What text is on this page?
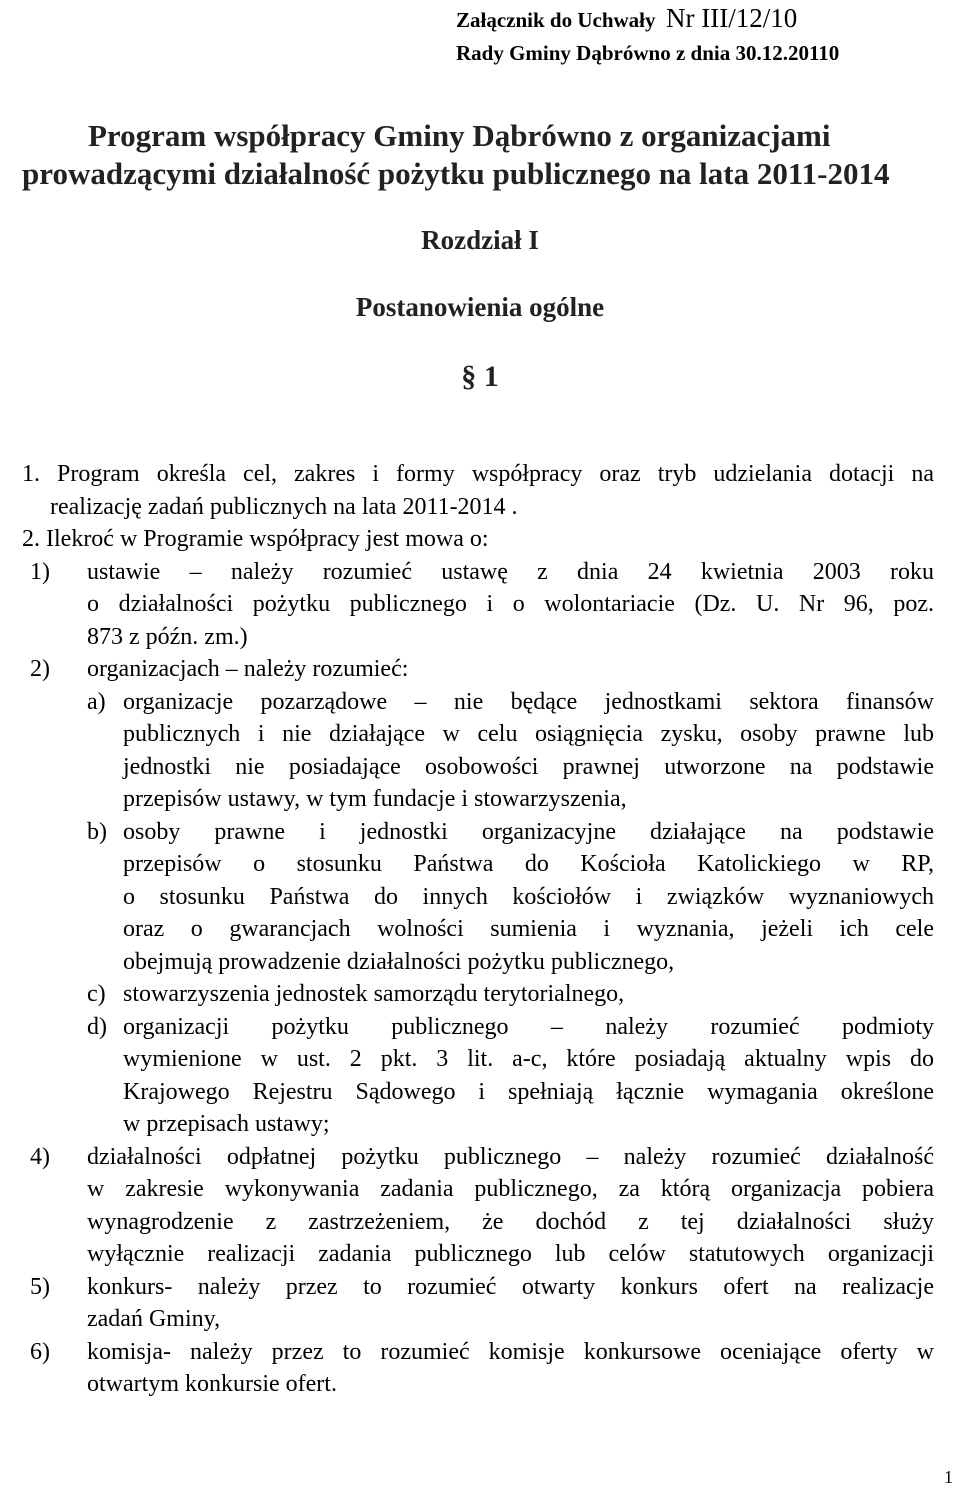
Załącznik do Uchwały Nr III/12/10
Rady Gminy Dąbrówno z dnia 30.12.20110
Program współpracy Gminy Dąbrówno z organizacjami
prowadzącymi działalność pożytku publicznego na lata 2011-2014
Rozdział I
Postanowienia ogólne
§ 1
1. Program określa cel, zakres i formy współpracy oraz tryb udzielania dotacji na
realizację zadań publicznych na lata 2011-2014 .
2. Ilekroć w Programie współpracy jest mowa o:
1) ustawie – należy rozumieć ustawę z dnia 24 kwietnia 2003 roku
o działalności pożytku publicznego i o wolontariacie (Dz. U. Nr 96, poz.
873 z późn. zm.)
2) organizacjach – należy rozumieć:
a) organizacje pozarządowe – nie będące jednostkami sektora finansów
publicznych i nie działające w celu osiągnięcia zysku, osoby prawne lub
jednostki nie posiadające osobowości prawnej utworzone na podstawie
przepisów ustawy, w tym fundacje i stowarzyszenia,
b) osoby prawne i jednostki organizacyjne działające na podstawie
przepisów o stosunku Państwa do Kościoła Katolickiego w RP,
o stosunku Państwa do innych kościołów i związków wyznaniowych
oraz o gwarancjach wolności sumienia i wyznania, jeżeli ich cele
obejmują prowadzenie działalności pożytku publicznego,
c) stowarzyszenia jednostek samorządu terytorialnego,
d) organizacji pożytku publicznego – należy rozumieć podmioty
wymienione w ust. 2 pkt. 3 lit. a-c, które posiadają aktualny wpis do
Krajowego Rejestru Sądowego i spełniają łącznie wymagania określone
w przepisach ustawy;
4) działalności odpłatnej pożytku publicznego – należy rozumieć działalność
w zakresie wykonywania zadania publicznego, za którą organizacja pobiera
wynagrodzenie z zastrzeżeniem, że dochód z tej działalności służy
wyłącznie realizacji zadania publicznego lub celów statutowych organizacji
5) konkurs- należy przez to rozumieć otwarty konkurs ofert na realizacje
zadań Gminy,
6) komisja- należy przez to rozumieć komisje konkursowe oceniające oferty w
otwartym konkursie ofert.
1
